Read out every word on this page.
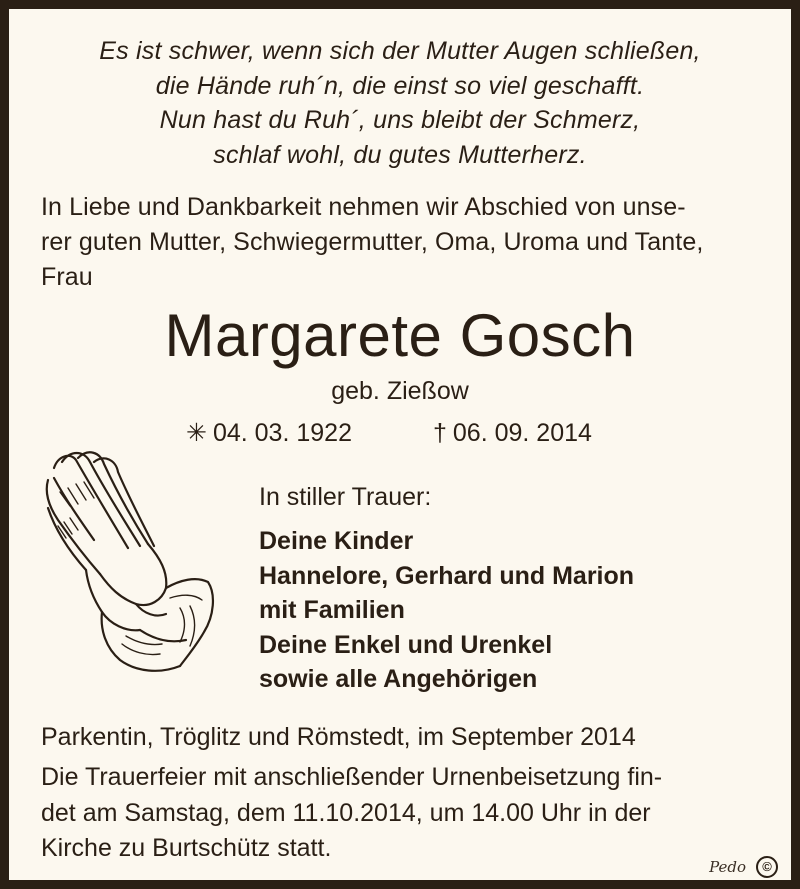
Es ist schwer, wenn sich der Mutter Augen schließen,
die Hände ruh´n, die einst so viel geschafft.
Nun hast du Ruh´, uns bleibt der Schmerz,
schlaf wohl, du gutes Mutterherz.
In Liebe und Dankbarkeit nehmen wir Abschied von unse-
rer guten Mutter, Schwiegermutter, Oma, Uroma und Tante,
Frau
Margarete Gosch
geb. Zießow
✳ 04. 03. 1922	† 06. 09. 2014
In stiller Trauer:
Deine Kinder
Hannelore, Gerhard und Marion
mit Familien
Deine Enkel und Urenkel
sowie alle Angehörigen
Parkentin, Tröglitz und Römstedt, im September 2014
Die Trauerfeier mit anschließender Urnenbeisetzung fin-
det am Samstag, dem 11.10.2014, um 14.00 Uhr in der
Kirche zu Burtschütz statt.
Pedo	©
